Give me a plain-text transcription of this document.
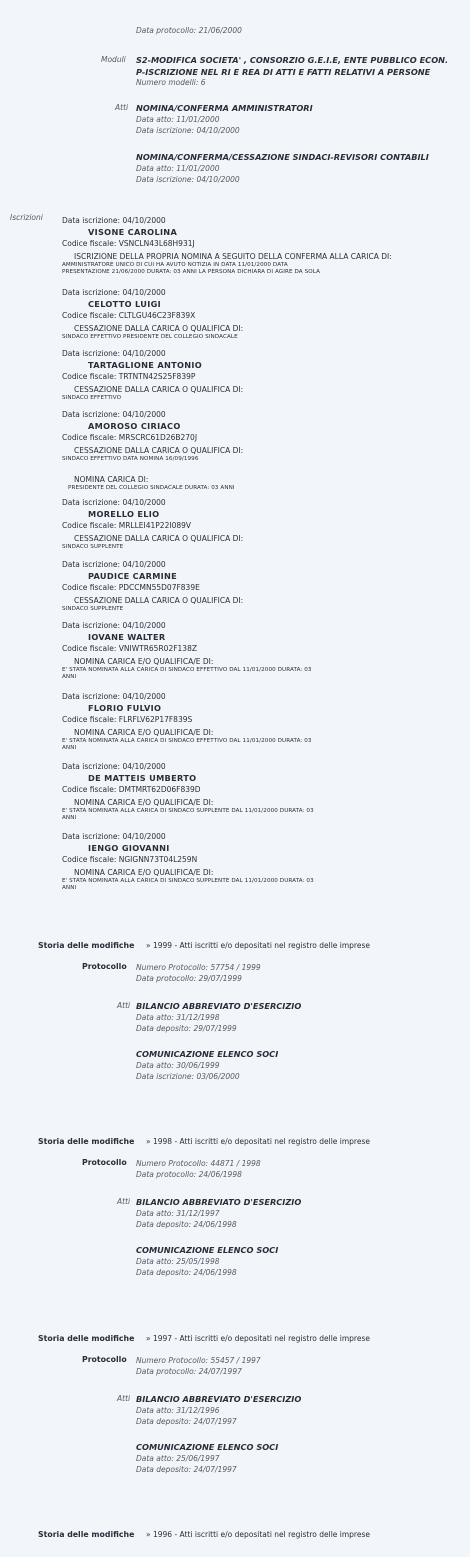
Data protocollo: 21/06/2000
Moduli S2-MODIFICA SOCIETA' , CONSORZIO G.E.I.E, ENTE PUBBLICO ECON.
P-ISCRIZIONE NEL RI E REA DI ATTI E FATTI RELATIVI A PERSONE
Numero modelli: 6
Atti NOMINA/CONFERMA AMMINISTRATORI
Data atto: 11/01/2000
Data iscrizione: 04/10/2000
NOMINA/CONFERMA/CESSAZIONE SINDACI-REVISORI CONTABILI
Data atto: 11/01/2000
Data iscrizione: 04/10/2000
Iscrizioni	Data iscrizione: 04/10/2000
VISONE CAROLINA
Codice fiscale: VSNCLN43L68H931J
ISCRIZIONE DELLA PROPRIA NOMINA A SEGUITO DELLA CONFERMA ALLA CARICA DI:
AMMINISTRATORE UNICO DI CUI HA AVUTO NOTIZIA IN DATA 11/01/2000 DATA
PRESENTAZIONE 21/06/2000 DURATA: 03 ANNI LA PERSONA DICHIARA DI AGIRE DA SOLA
Data iscrizione: 04/10/2000
CELOTTO LUIGI
Codice fiscale: CLTLGU46C23F839X
CESSAZIONE DALLA CARICA O QUALIFICA DI:
SINDACO EFFETTIVO PRESIDENTE DEL COLLEGIO SINDACALE
Data iscrizione: 04/10/2000
TARTAGLIONE ANTONIO
Codice fiscale: TRTNTN42S25F839P
CESSAZIONE DALLA CARICA O QUALIFICA DI:
SINDACO EFFETTIVO
Data iscrizione: 04/10/2000
AMOROSO CIRIACO
Codice fiscale: MRSCRC61D26B270J
CESSAZIONE DALLA CARICA O QUALIFICA DI:
SINDACO EFFETTIVO DATA NOMINA 16/09/1996
NOMINA CARICA DI:
PRESIDENTE DEL COLLEGIO SINDACALE DURATA: 03 ANNI
Data iscrizione: 04/10/2000
MORELLO ELIO
Codice fiscale: MRLLEI41P22I089V
CESSAZIONE DALLA CARICA O QUALIFICA DI:
SINDACO SUPPLENTE
Data iscrizione: 04/10/2000
PAUDICE CARMINE
Codice fiscale: PDCCMN55D07F839E
CESSAZIONE DALLA CARICA O QUALIFICA DI:
SINDACO SUPPLENTE
Data iscrizione: 04/10/2000
IOVANE WALTER
Codice fiscale: VNIWTR65R02F138Z
NOMINA CARICA E/O QUALIFICA/E DI:
E' STATA NOMINATA ALLA CARICA DI SINDACO EFFETTIVO DAL 11/01/2000 DURATA: 03
ANNI
Data iscrizione: 04/10/2000
FLORIO FULVIO
Codice fiscale: FLRFLV62P17F839S
NOMINA CARICA E/O QUALIFICA/E DI:
E' STATA NOMINATA ALLA CARICA DI SINDACO EFFETTIVO DAL 11/01/2000 DURATA: 03
ANNI
Data iscrizione: 04/10/2000
DE MATTEIS UMBERTO
Codice fiscale: DMTMRT62D06F839D
NOMINA CARICA E/O QUALIFICA/E DI:
E' STATA NOMINATA ALLA CARICA DI SINDACO SUPPLENTE DAL 11/01/2000 DURATA: 03
ANNI
Data iscrizione: 04/10/2000
IENGO GIOVANNI
Codice fiscale: NGIGNN73T04L259N
NOMINA CARICA E/O QUALIFICA/E DI:
E' STATA NOMINATA ALLA CARICA DI SINDACO SUPPLENTE DAL 11/01/2000 DURATA: 03
ANNI
Storia delle modifiche » 1999 - Atti iscritti e/o depositati nel registro delle imprese
Protocollo Numero Protocollo: 57754 / 1999
Data protocollo: 29/07/1999
Atti BILANCIO ABBREVIATO D'ESERCIZIO
Data atto: 31/12/1998
Data deposito: 29/07/1999
COMUNICAZIONE ELENCO SOCI
Data atto: 30/06/1999
Data iscrizione: 03/06/2000
Storia delle modifiche » 1998 - Atti iscritti e/o depositati nel registro delle imprese
Protocollo Numero Protocollo: 44871 / 1998
Data protocollo: 24/06/1998
Atti BILANCIO ABBREVIATO D'ESERCIZIO
Data atto: 31/12/1997
Data deposito: 24/06/1998
COMUNICAZIONE ELENCO SOCI
Data atto: 25/05/1998
Data deposito: 24/06/1998
Storia delle modifiche » 1997 - Atti iscritti e/o depositati nel registro delle imprese
Protocollo Numero Protocollo: 55457 / 1997
Data protocollo: 24/07/1997
Atti BILANCIO ABBREVIATO D'ESERCIZIO
Data atto: 31/12/1996
Data deposito: 24/07/1997
COMUNICAZIONE ELENCO SOCI
Data atto: 25/06/1997
Data deposito: 24/07/1997
Storia delle modifiche » 1996 - Atti iscritti e/o depositati nel registro delle imprese
